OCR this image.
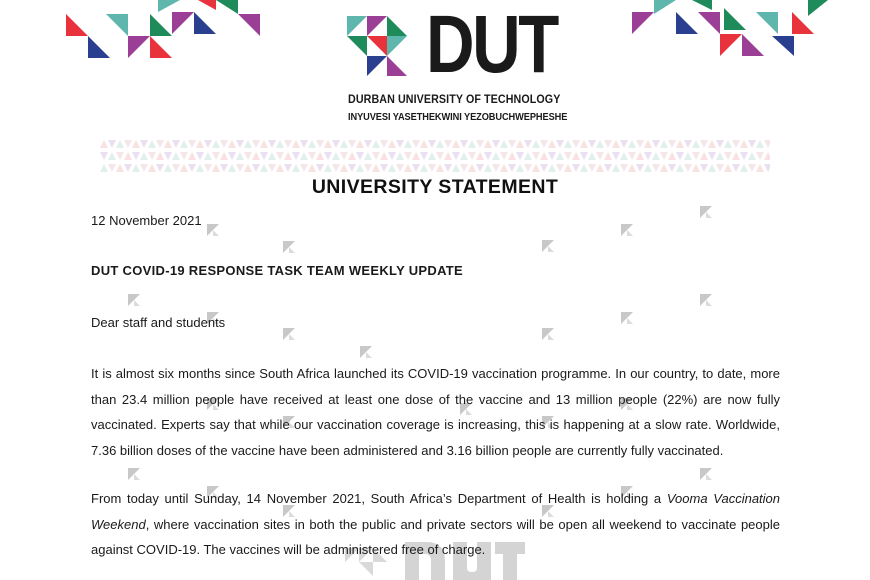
DUT
DURBAN UNIVERSITY OF TECHNOLOGY
INYUVESI YASETHEKWINI YEZOBUCHWEPHESHE
UNIVERSITY STATEMENT
12 November 2021
DUT COVID-19 RESPONSE TASK TEAM WEEKLY UPDATE
Dear staff and students

It is almost six months since South Africa launched its COVID-19 vaccination programme. In our country, to date, more than 23.4 million people have received at least one dose of the vaccine and 13 million people (22%) are now fully vaccinated. Experts say that while our vaccination coverage is increasing, this is happening at a slow rate. Worldwide, 7.36 billion doses of the vaccine have been administered and 3.16 billion people are currently fully vaccinated.

From today until Sunday, 14 November 2021, South Africa’s Department of Health is holding a Vooma Vaccination Weekend, where vaccination sites in both the public and private sectors will be open all weekend to vaccinate people against COVID-19. The vaccines will be administered free of charge.
